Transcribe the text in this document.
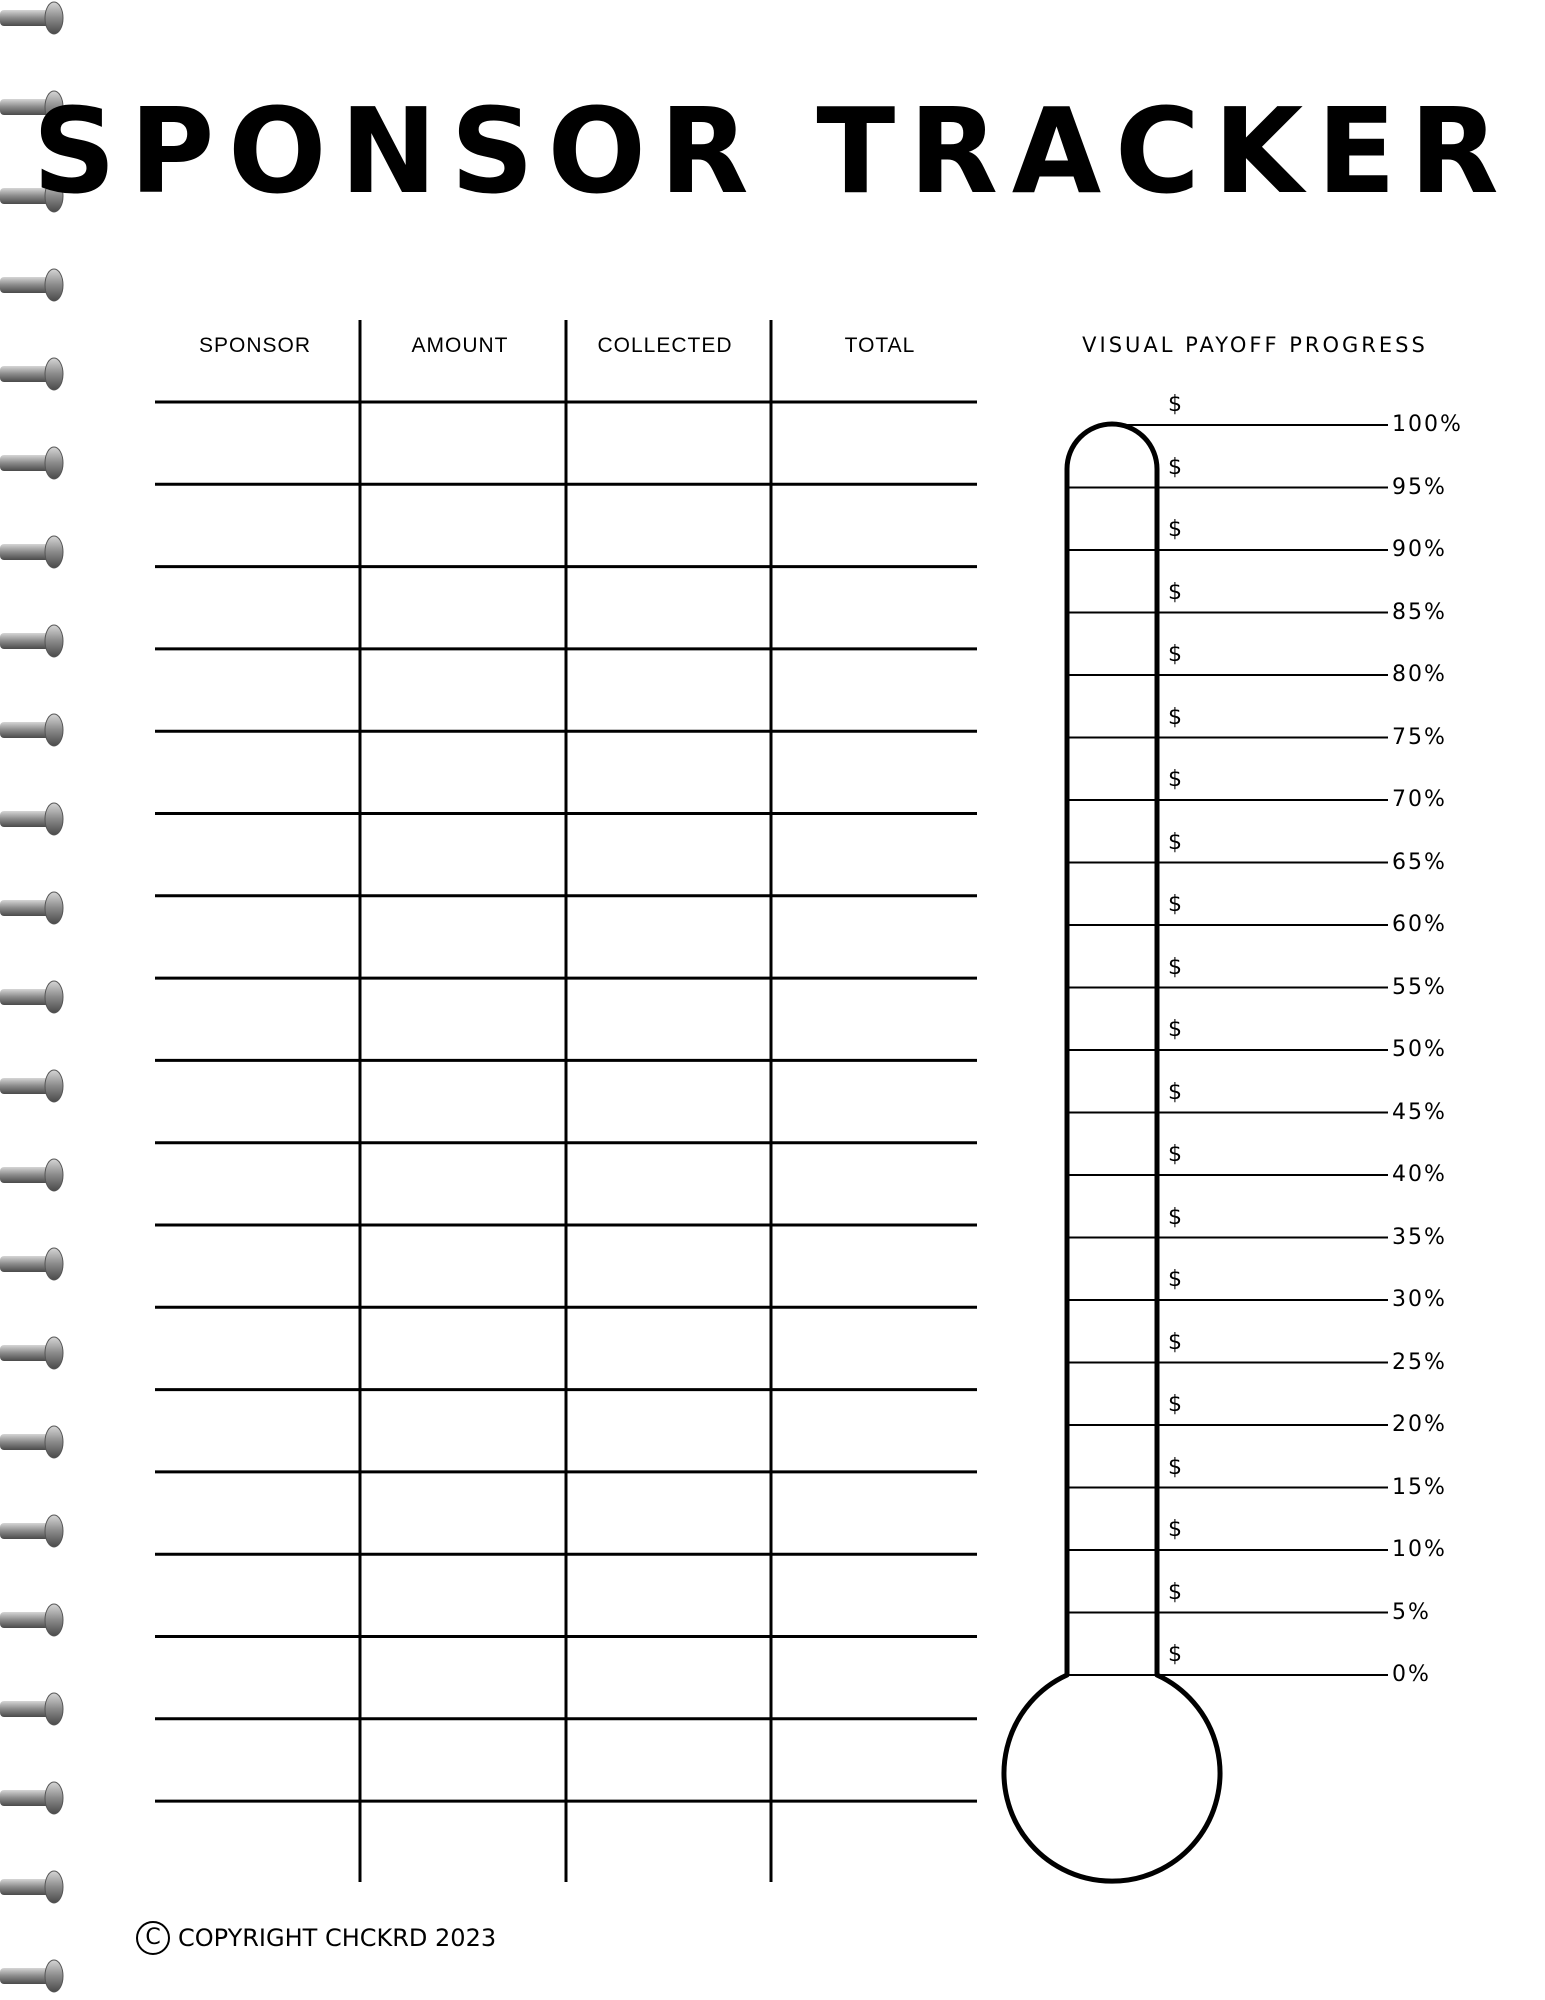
SPONSOR TRACKER
SPONSOR	AMOUNT	COLLECTED	TOTAL	VISUAL PAYOFF PROGRESS
$
100%
$
95%
$
90%
$
85%
$
80%
$
75%
$
70%
$
65%
$
60%
$
55%
$
50%
$
45%
$
40%
$
35%
$
30%
$
25%
$
20%
$
15%
$
10%
$
5%
$
0%
C COPYRIGHT CHCKRD 2023
